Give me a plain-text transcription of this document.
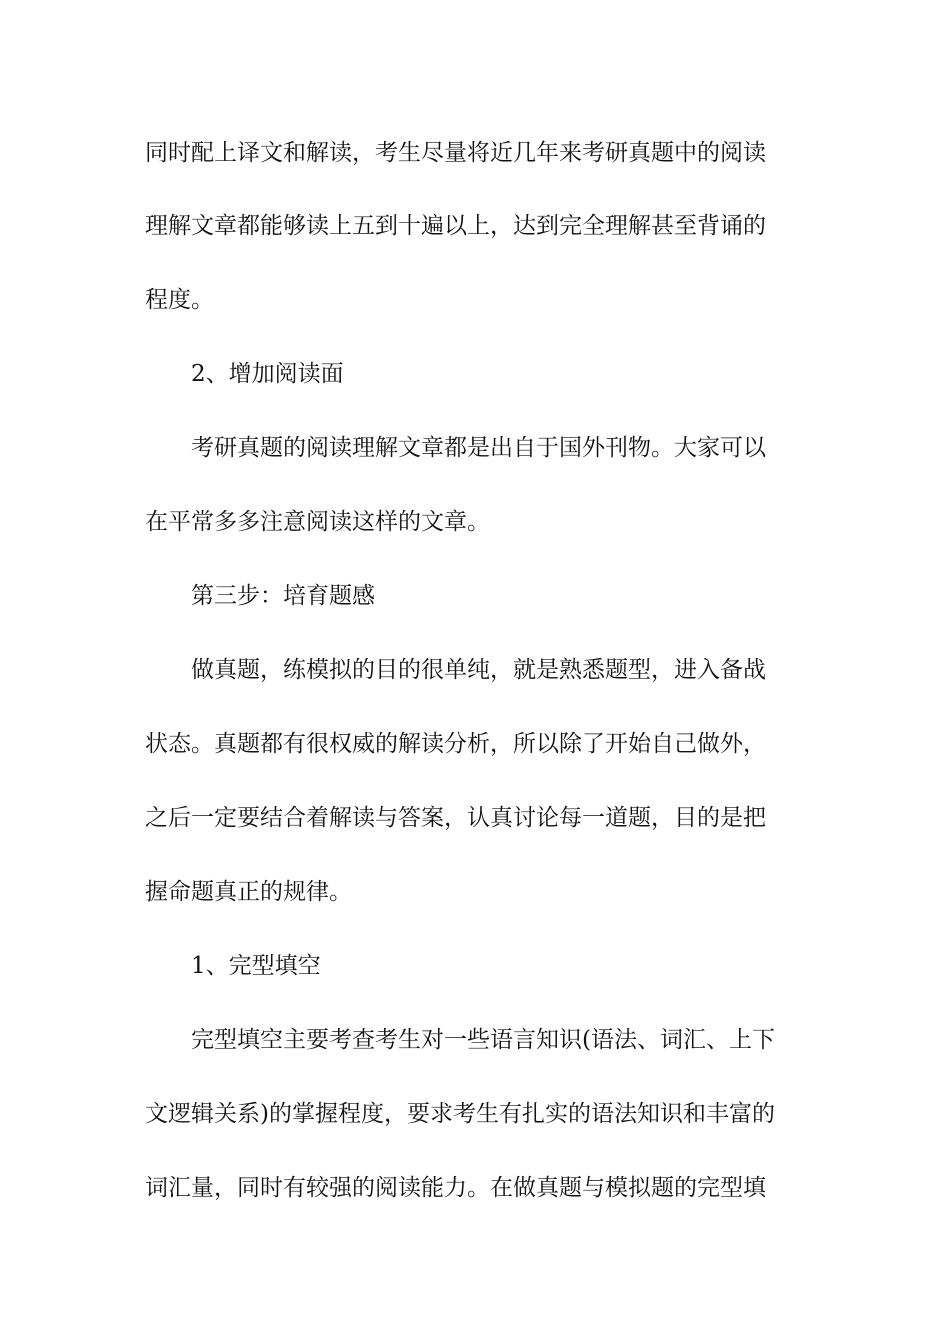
同时配上译文和解读，考生尽量将近几年来考研真题中的阅读
理解文章都能够读上五到十遍以上，达到完全理解甚至背诵的
程度。
2、增加阅读面
考研真题的阅读理解文章都是出自于国外刊物。大家可以
在平常多多注意阅读这样的文章。
第三步：培育题感
做真题，练模拟的目的很单纯，就是熟悉题型，进入备战
状态。真题都有很权威的解读分析，所以除了开始自己做外，
之后一定要结合着解读与答案，认真讨论每一道题，目的是把
握命题真正的规律。
1、完型填空
完型填空主要考查考生对一些语言知识(语法、词汇、上下
文逻辑关系)的掌握程度，要求考生有扎实的语法知识和丰富的
词汇量，同时有较强的阅读能力。在做真题与模拟题的完型填
